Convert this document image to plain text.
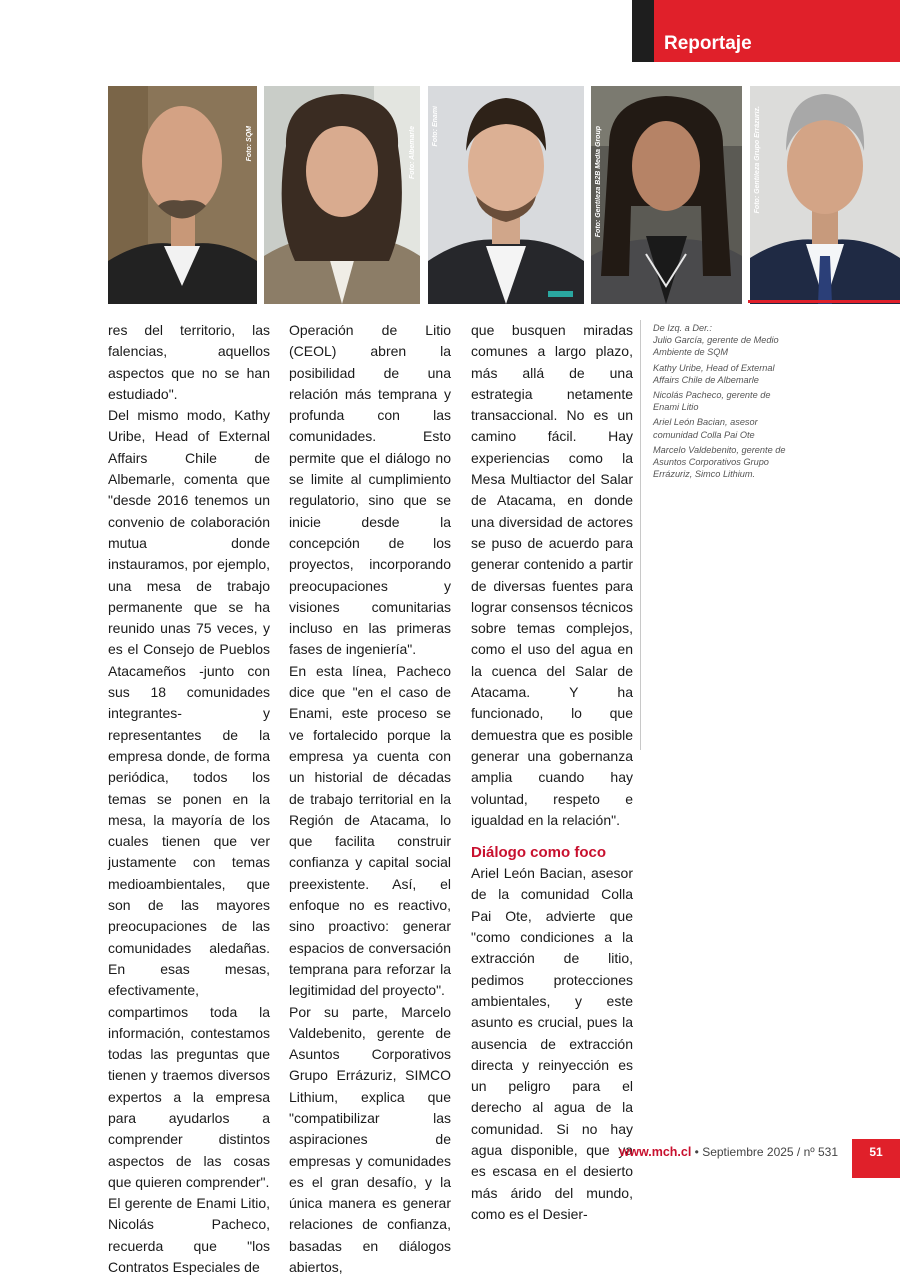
Reportaje
Foto: SQM	Foto: Albemarle Foto: Enami	Foto: Gentileza B2B Media Group	Foto: Gentileza Grupo Errázuriz.

res del territorio, las falencias, aquellos aspectos que no se han estudiado".

Del mismo modo, Kathy Uribe, Head of External Affairs Chile de Albemarle, comenta que "desde 2016 tenemos un convenio de colaboración mutua donde instauramos, por ejemplo, una mesa de trabajo permanente que se ha reunido unas 75 veces, y es el Consejo de Pueblos Atacameños -junto con sus 18 comunidades integrantes- y representantes de la empresa donde, de forma periódica, todos los temas se ponen en la mesa, la mayoría de los cuales tienen que ver justamente con temas medioambientales, que son de las mayores preocupaciones de las comunidades aledañas. En esas mesas, efectivamente, compartimos toda la información, contestamos todas las preguntas que tienen y traemos diversos expertos a la empresa para ayudarlos a comprender distintos aspectos de las cosas que quieren comprender".

El gerente de Enami Litio, Nicolás Pacheco, recuerda que "los Contratos Especiales de

Operación de Litio (CEOL) abren la posibilidad de una relación más temprana y profunda con las comunidades. Esto permite que el diálogo no se limite al cumplimiento regulatorio, sino que se inicie desde la concepción de los proyectos, incorporando preocupaciones y visiones comunitarias incluso en las primeras fases de ingeniería".

En esta línea, Pacheco dice que "en el caso de Enami, este proceso se ve fortalecido porque la empresa ya cuenta con un historial de décadas de trabajo territorial en la Región de Atacama, lo que facilita construir confianza y capital social preexistente. Así, el enfoque no es reactivo, sino proactivo: generar espacios de conversación temprana para reforzar la legitimidad del proyecto".

Por su parte, Marcelo Valdebenito, gerente de Asuntos Corporativos Grupo Errázuriz, SIMCO Lithium, explica que "compatibilizar las aspiraciones de empresas y comunidades es el gran desafío, y la única manera es generar relaciones de confianza, basadas en diálogos abiertos,

que busquen miradas comunes a largo plazo, más allá de una estrategia netamente transaccional. No es un camino fácil. Hay experiencias como la Mesa Multiactor del Salar de Atacama, en donde una diversidad de actores se puso de acuerdo para generar contenido a partir de diversas fuentes para lograr consensos técnicos sobre temas complejos, como el uso del agua en la cuenca del Salar de Atacama. Y ha funcionado, lo que demuestra que es posible generar una gobernanza amplia cuando hay voluntad, respeto e igualdad en la relación".

Diálogo como foco

Ariel León Bacian, asesor de la comunidad Colla Pai Ote, advierte que "como condiciones a la extracción de litio, pedimos protecciones ambientales, y este asunto es crucial, pues la ausencia de extracción directa y reinyección es un peligro para el derecho al agua de la comunidad. Si no hay agua disponible, que ya es escasa en el desierto más árido del mundo, como es el Desier-

De Izq. a Der.:

Julio García, gerente de Medio Ambiente de SQM

Kathy Uribe, Head of External Affairs Chile de Albemarle

Nicolás Pacheco, gerente de Enami Litio

Ariel León Bacian, asesor comunidad Colla Pai Ote

Marcelo Valdebenito, gerente de Asuntos Corporativos Grupo Errázuriz, Simco Lithium.

www.mch.cl • Septiembre 2025 / nº 531	51
